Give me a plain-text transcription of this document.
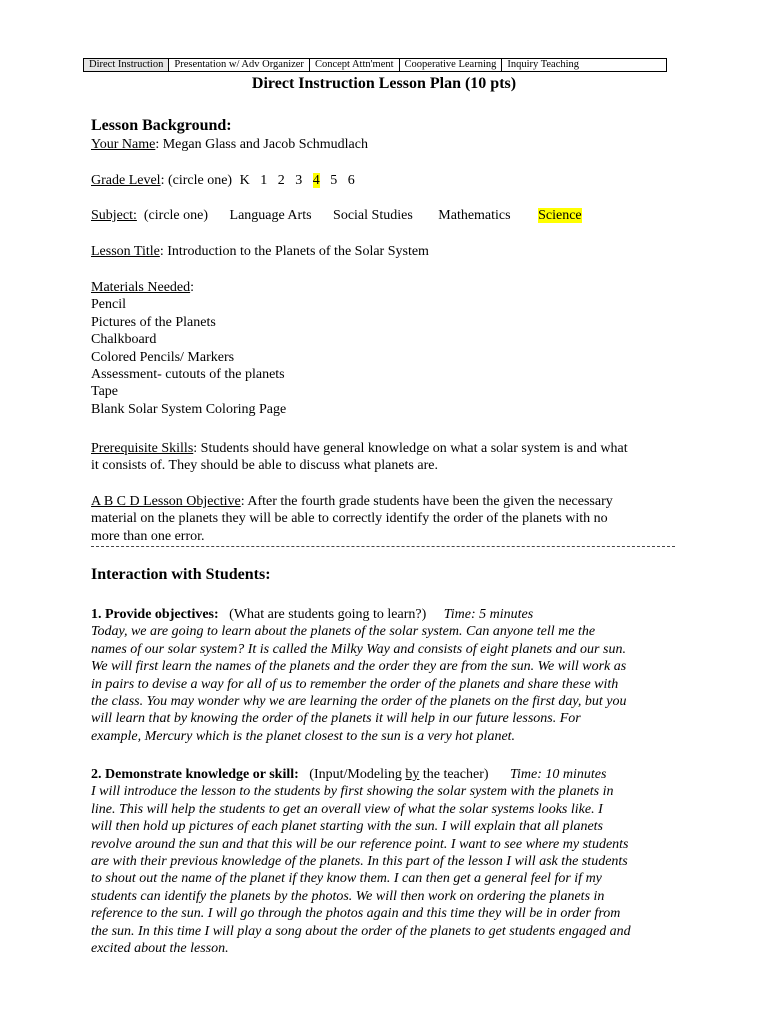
Direct Instruction	Presentation w/ Adv Organizer	Concept Attn'ment	Cooperative Learning	Inquiry Teaching
Direct Instruction Lesson Plan (10 pts)
Lesson Background:
Your Name: Megan Glass and Jacob Schmudlach
Grade Level: (circle one) K 1 2 3 4 5 6
Subject: (circle one) Language Arts Social Studies Mathematics Science
Lesson Title: Introduction to the Planets of the Solar System
Materials Needed:
Pencil
Pictures of the Planets
Chalkboard
Colored Pencils/ Markers
Assessment- cutouts of the planets
Tape
Blank Solar System Coloring Page
Prerequisite Skills: Students should have general knowledge on what a solar system is and what
it consists of. They should be able to discuss what planets are.
A B C D Lesson Objective: After the fourth grade students have been the given the necessary
material on the planets they will be able to correctly identify the order of the planets with no
more than one error.
Interaction with Students:
1. Provide objectives: (What are students going to learn?) Time: 5 minutes
Today, we are going to learn about the planets of the solar system. Can anyone tell me the
names of our solar system? It is called the Milky Way and consists of eight planets and our sun.
We will first learn the names of the planets and the order they are from the sun. We will work as
in pairs to devise a way for all of us to remember the order of the planets and share these with
the class. You may wonder why we are learning the order of the planets on the first day, but you
will learn that by knowing the order of the planets it will help in our future lessons. For
example, Mercury which is the planet closest to the sun is a very hot planet.
2. Demonstrate knowledge or skill: (Input/Modeling by the teacher) Time: 10 minutes
I will introduce the lesson to the students by first showing the solar system with the planets in
line. This will help the students to get an overall view of what the solar systems looks like. I
will then hold up pictures of each planet starting with the sun. I will explain that all planets
revolve around the sun and that this will be our reference point. I want to see where my students
are with their previous knowledge of the planets. In this part of the lesson I will ask the students
to shout out the name of the planet if they know them. I can then get a general feel for if my
students can identify the planets by the photos. We will then work on ordering the planets in
reference to the sun. I will go through the photos again and this time they will be in order from
the sun. In this time I will play a song about the order of the planets to get students engaged and
excited about the lesson.
